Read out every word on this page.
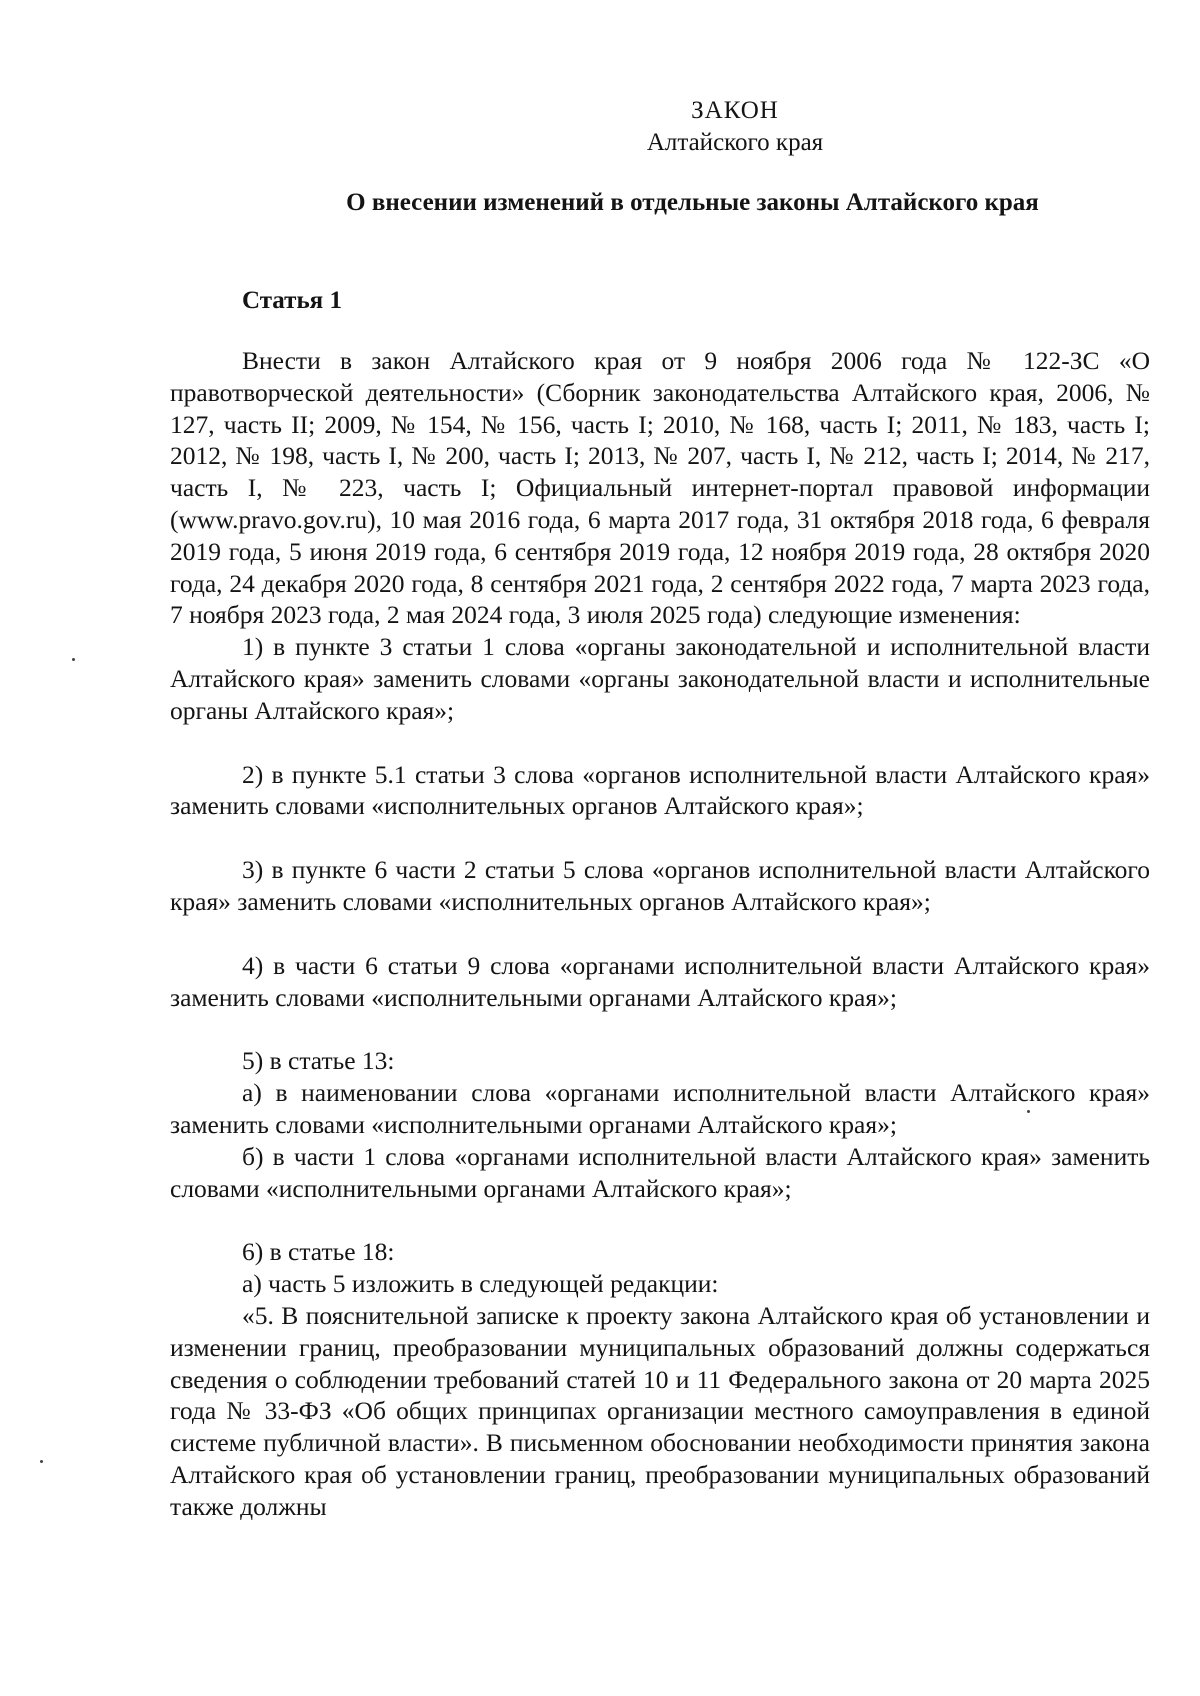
ЗАКОН
Алтайского края
О внесении изменений в отдельные законы Алтайского края
Статья 1

Внести в закон Алтайского края от 9 ноября 2006 года № 122-ЗС «О правотворческой деятельности» (Сборник законодательства Алтайского края, 2006, № 127, часть II; 2009, № 154, № 156, часть I; 2010, № 168, часть I; 2011, № 183, часть I; 2012, № 198, часть I, № 200, часть I; 2013, № 207, часть I, № 212, часть I; 2014, № 217, часть I, № 223, часть I; Официальный интернет-портал правовой информации (www.pravo.gov.ru), 10 мая 2016 года, 6 марта 2017 года, 31 октября 2018 года, 6 февраля 2019 года, 5 июня 2019 года, 6 сентября 2019 года, 12 ноября 2019 года, 28 октября 2020 года, 24 декабря 2020 года, 8 сентября 2021 года, 2 сентября 2022 года, 7 марта 2023 года, 7 ноября 2023 года, 2 мая 2024 года, 3 июля 2025 года) следующие изменения:

1) в пункте 3 статьи 1 слова «органы законодательной и исполнительной власти Алтайского края» заменить словами «органы законодательной власти и исполнительные органы Алтайского края»;

2) в пункте 5.1 статьи 3 слова «органов исполнительной власти Алтайского края» заменить словами «исполнительных органов Алтайского края»;

3) в пункте 6 части 2 статьи 5 слова «органов исполнительной власти Алтайского края» заменить словами «исполнительных органов Алтайского края»;

4) в части 6 статьи 9 слова «органами исполнительной власти Алтайского края» заменить словами «исполнительными органами Алтайского края»;

5) в статье 13:

а) в наименовании слова «органами исполнительной власти Алтайского края» заменить словами «исполнительными органами Алтайского края»;

б) в части 1 слова «органами исполнительной власти Алтайского края» заменить словами «исполнительными органами Алтайского края»;

6) в статье 18:

а) часть 5 изложить в следующей редакции:

«5. В пояснительной записке к проекту закона Алтайского края об установлении и изменении границ, преобразовании муниципальных образований должны содержаться сведения о соблюдении требований статей 10 и 11 Федерального закона от 20 марта 2025 года № 33-ФЗ «Об общих принципах организации местного самоуправления в единой системе публичной власти». В письменном обосновании необходимости принятия закона Алтайского края об установлении границ, преобразовании муниципальных образований также должны
